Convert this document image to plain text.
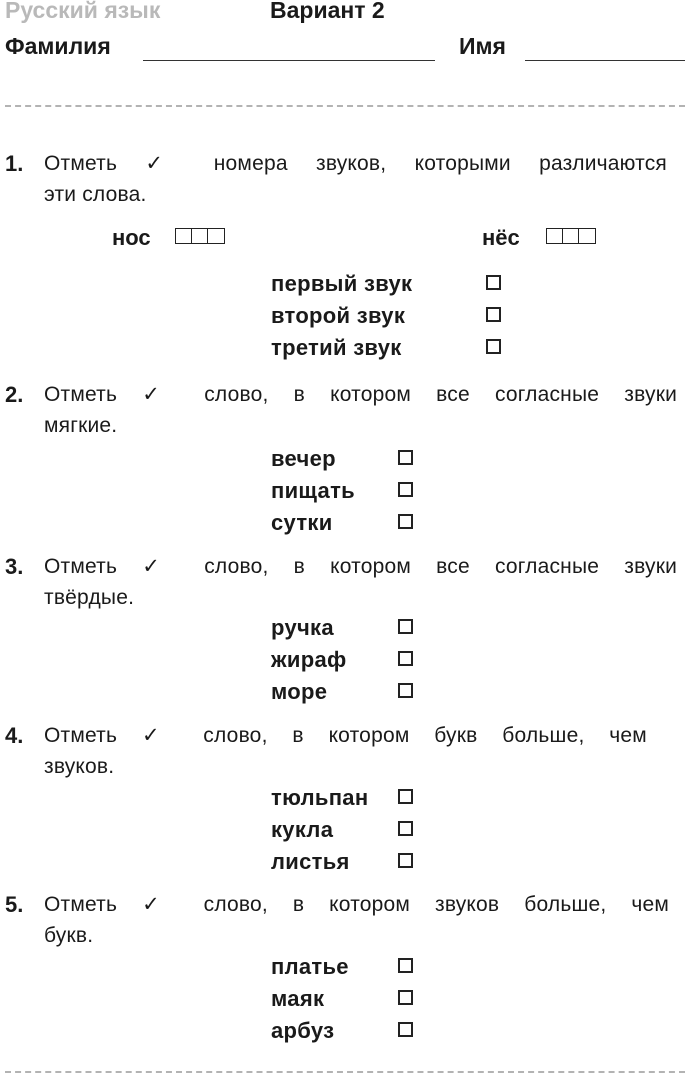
Русский язык	Вариант 2
Фамилия	Имя
1. Отметь ✓ номера звуков, которыми различаются
эти слова.
нос	нёс
первый звук
второй звук
третий звук
2. Отметь ✓ слово, в котором все согласные звуки
мягкие.
вечер
пищать
сутки
3. Отметь ✓ слово, в котором все согласные звуки
твёрдые.
ручка
жираф
море
4. Отметь ✓ слово, в котором букв больше, чем
звуков.
тюльпан
кукла
листья
5. Отметь ✓ слово, в котором звуков больше, чем
букв.
платье
маяк
арбуз
